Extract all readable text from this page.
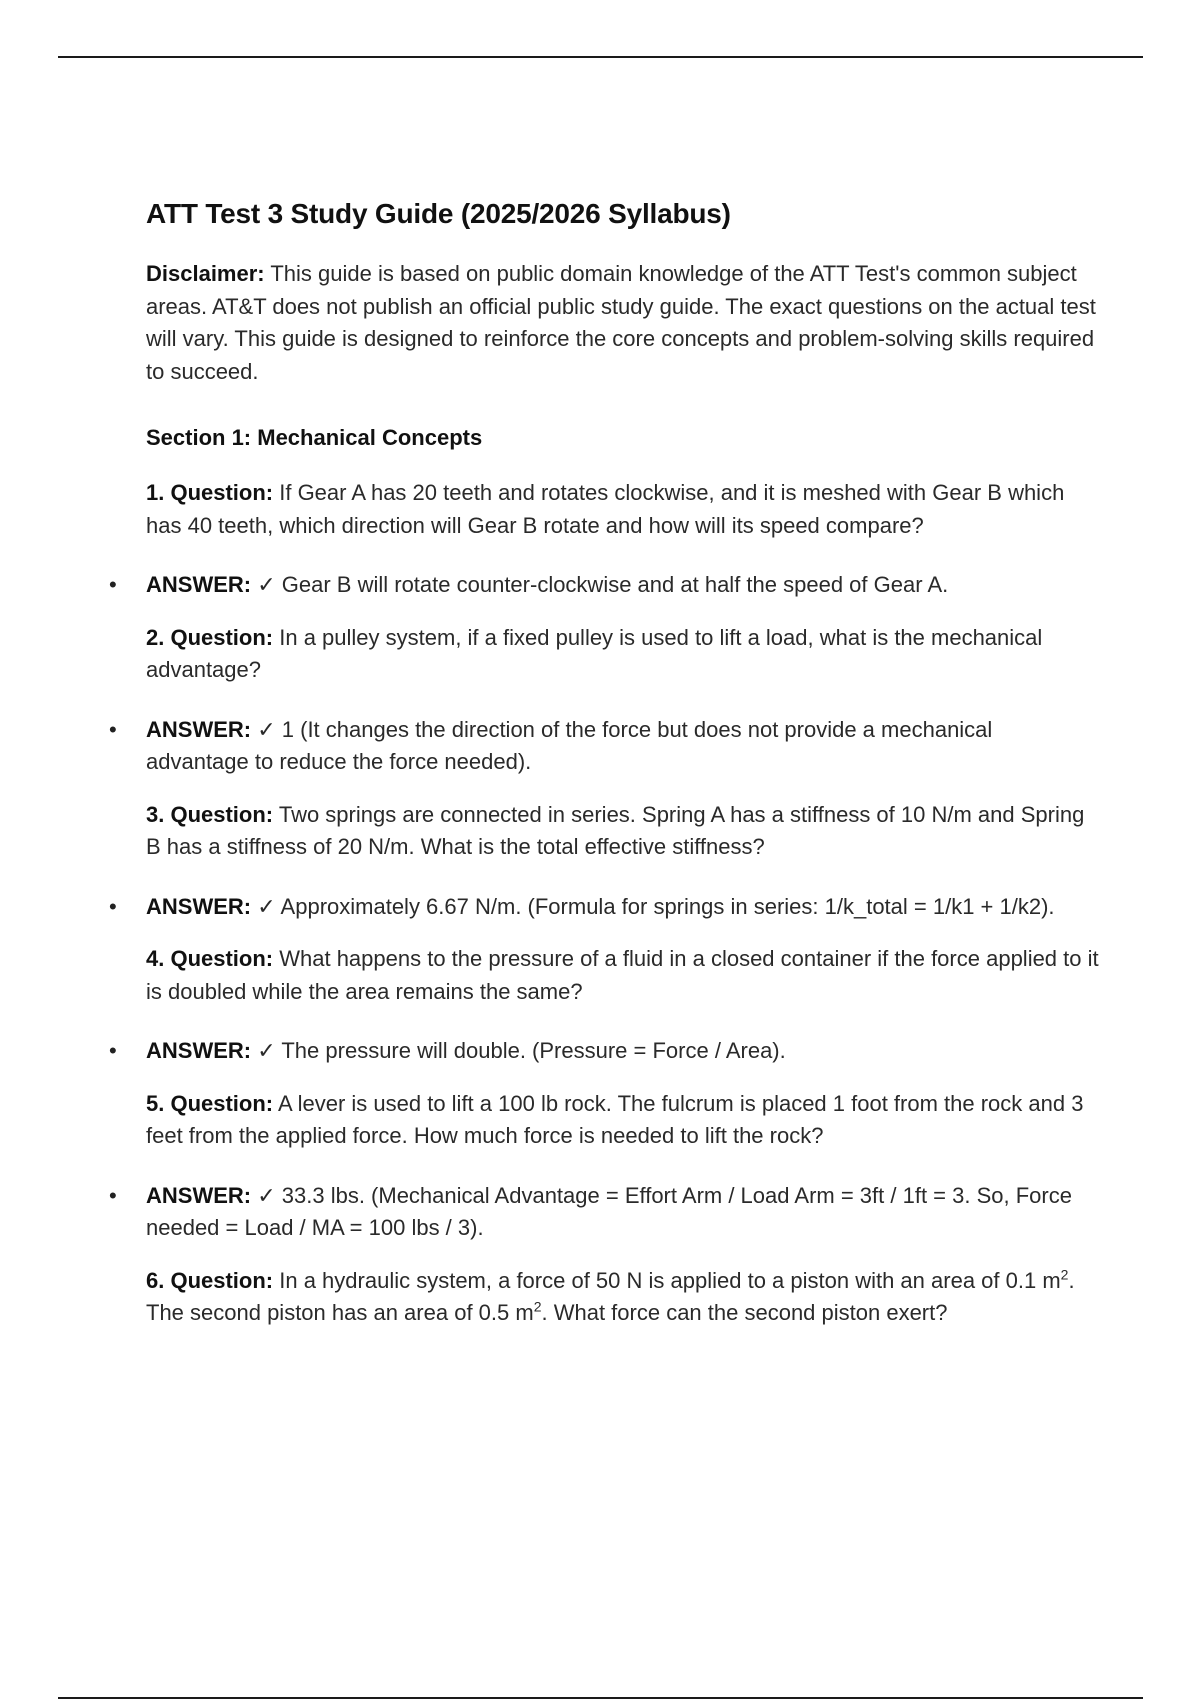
ATT Test 3 Study Guide (2025/2026 Syllabus)

Disclaimer: This guide is based on public domain knowledge of the ATT Test's common subject areas. AT&T does not publish an official public study guide. The exact questions on the actual test will vary. This guide is designed to reinforce the core concepts and problem-solving skills required to succeed.

Section 1: Mechanical Concepts

1. Question: If Gear A has 20 teeth and rotates clockwise, and it is meshed with Gear B which has 40 teeth, which direction will Gear B rotate and how will its speed compare?

• ANSWER: ✓ Gear B will rotate counter-clockwise and at half the speed of Gear A.

2. Question: In a pulley system, if a fixed pulley is used to lift a load, what is the mechanical advantage?

• ANSWER: ✓ 1 (It changes the direction of the force but does not provide a mechanical advantage to reduce the force needed).

3. Question: Two springs are connected in series. Spring A has a stiffness of 10 N/m and Spring B has a stiffness of 20 N/m. What is the total effective stiffness?

• ANSWER: ✓ Approximately 6.67 N/m. (Formula for springs in series: 1/k_total = 1/k1 + 1/k2).

4. Question: What happens to the pressure of a fluid in a closed container if the force applied to it is doubled while the area remains the same?

• ANSWER: ✓ The pressure will double. (Pressure = Force / Area).

5. Question: A lever is used to lift a 100 lb rock. The fulcrum is placed 1 foot from the rock and 3 feet from the applied force. How much force is needed to lift the rock?

• ANSWER: ✓ 33.3 lbs. (Mechanical Advantage = Effort Arm / Load Arm = 3ft / 1ft = 3. So, Force needed = Load / MA = 100 lbs / 3).

6. Question: In a hydraulic system, a force of 50 N is applied to a piston with an area of 0.1 $m^2$. The second piston has an area of 0.5 $m^2$. What force can the second piston exert?
